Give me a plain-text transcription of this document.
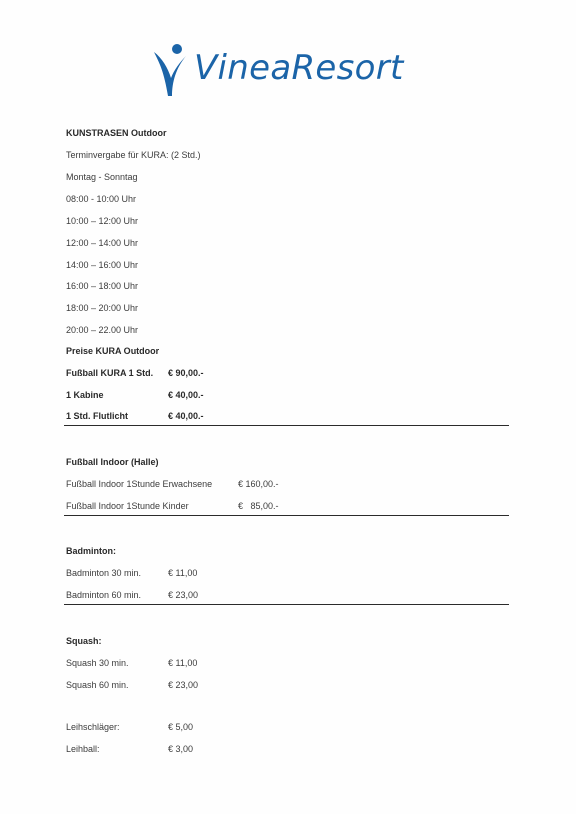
VineaResort
KUNSTRASEN Outdoor
Terminvergabe für KURA: (2 Std.)
Montag - Sonntag
08:00 - 10:00 Uhr
10:00 – 12:00 Uhr
12:00 – 14:00 Uhr
14:00 – 16:00 Uhr
16:00 – 18:00 Uhr
18:00 – 20:00 Uhr
20:00 – 22.00 Uhr
Preise KURA Outdoor
Fußball KURA 1 Std. € 90,00.-
1 Kabine	€ 40,00.-
1 Std. Flutlicht	€ 40,00.-
Fußball Indoor (Halle)
Fußball Indoor 1Stunde Erwachsene	€ 160,00.-
Fußball Indoor 1Stunde Kinder	€   85,00.-
Badminton:
Badminton 30 min.	€ 11,00
Badminton 60 min.	€ 23,00
Squash:
Squash 30 min.	€ 11,00
Squash 60 min.	€ 23,00
Leihschläger:	€ 5,00
Leihball:	€ 3,00
